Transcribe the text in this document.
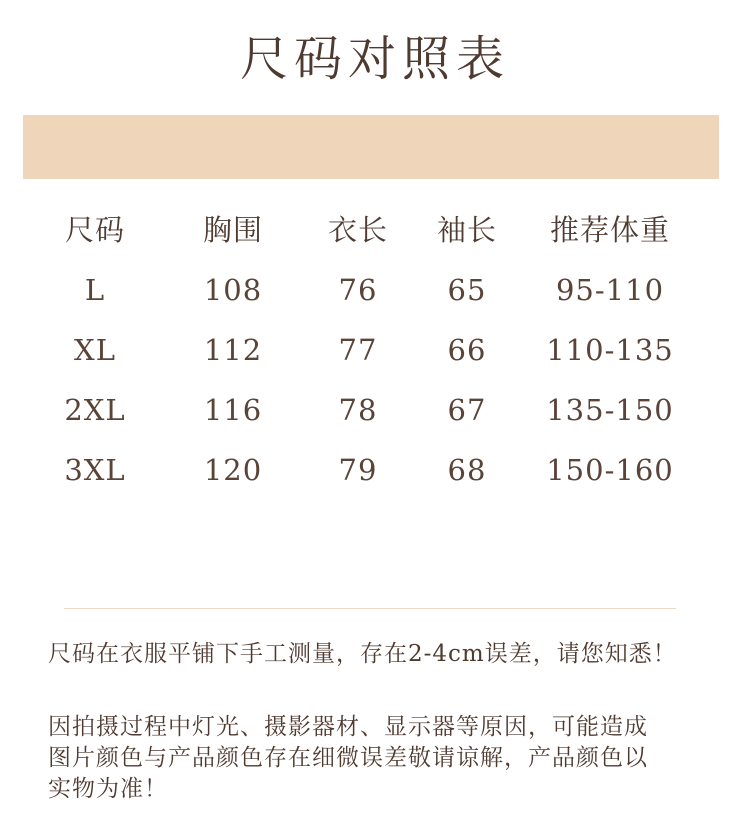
尺码对照表
尺码	胸围	衣长	袖长	推荐体重
L	108	76	65	95-110
XL	112	77	66	110-135
2XL	116	78	67	135-150
3XL	120	79	68	150-160
尺码在衣服平铺下手工测量，存在2-4cm误差，请您知悉！
因拍摄过程中灯光、摄影器材、显示器等原因，可能造成
图片颜色与产品颜色存在细微误差敬请谅解，产品颜色以
实物为准！
